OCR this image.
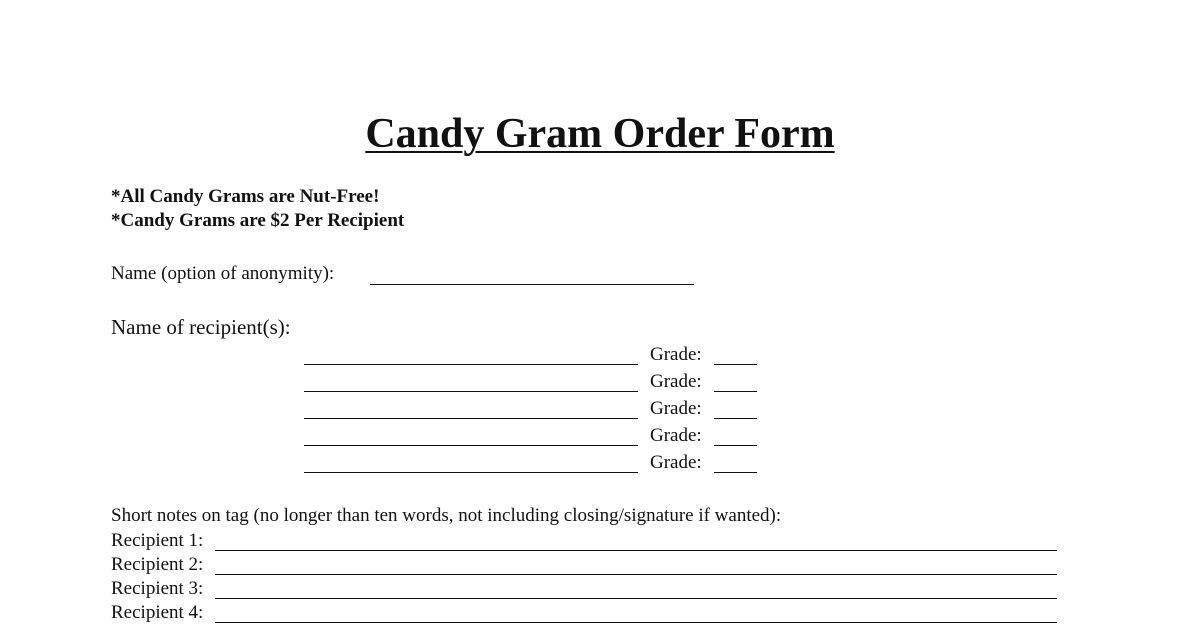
Candy Gram Order Form
*All Candy Grams are Nut-Free!
*Candy Grams are $2 Per Recipient
Name (option of anonymity):
Name of recipient(s):
Grade:
Grade:
Grade:
Grade:
Grade:
Short notes on tag (no longer than ten words, not including closing/signature if wanted):
Recipient 1:
Recipient 2:
Recipient 3:
Recipient 4:
